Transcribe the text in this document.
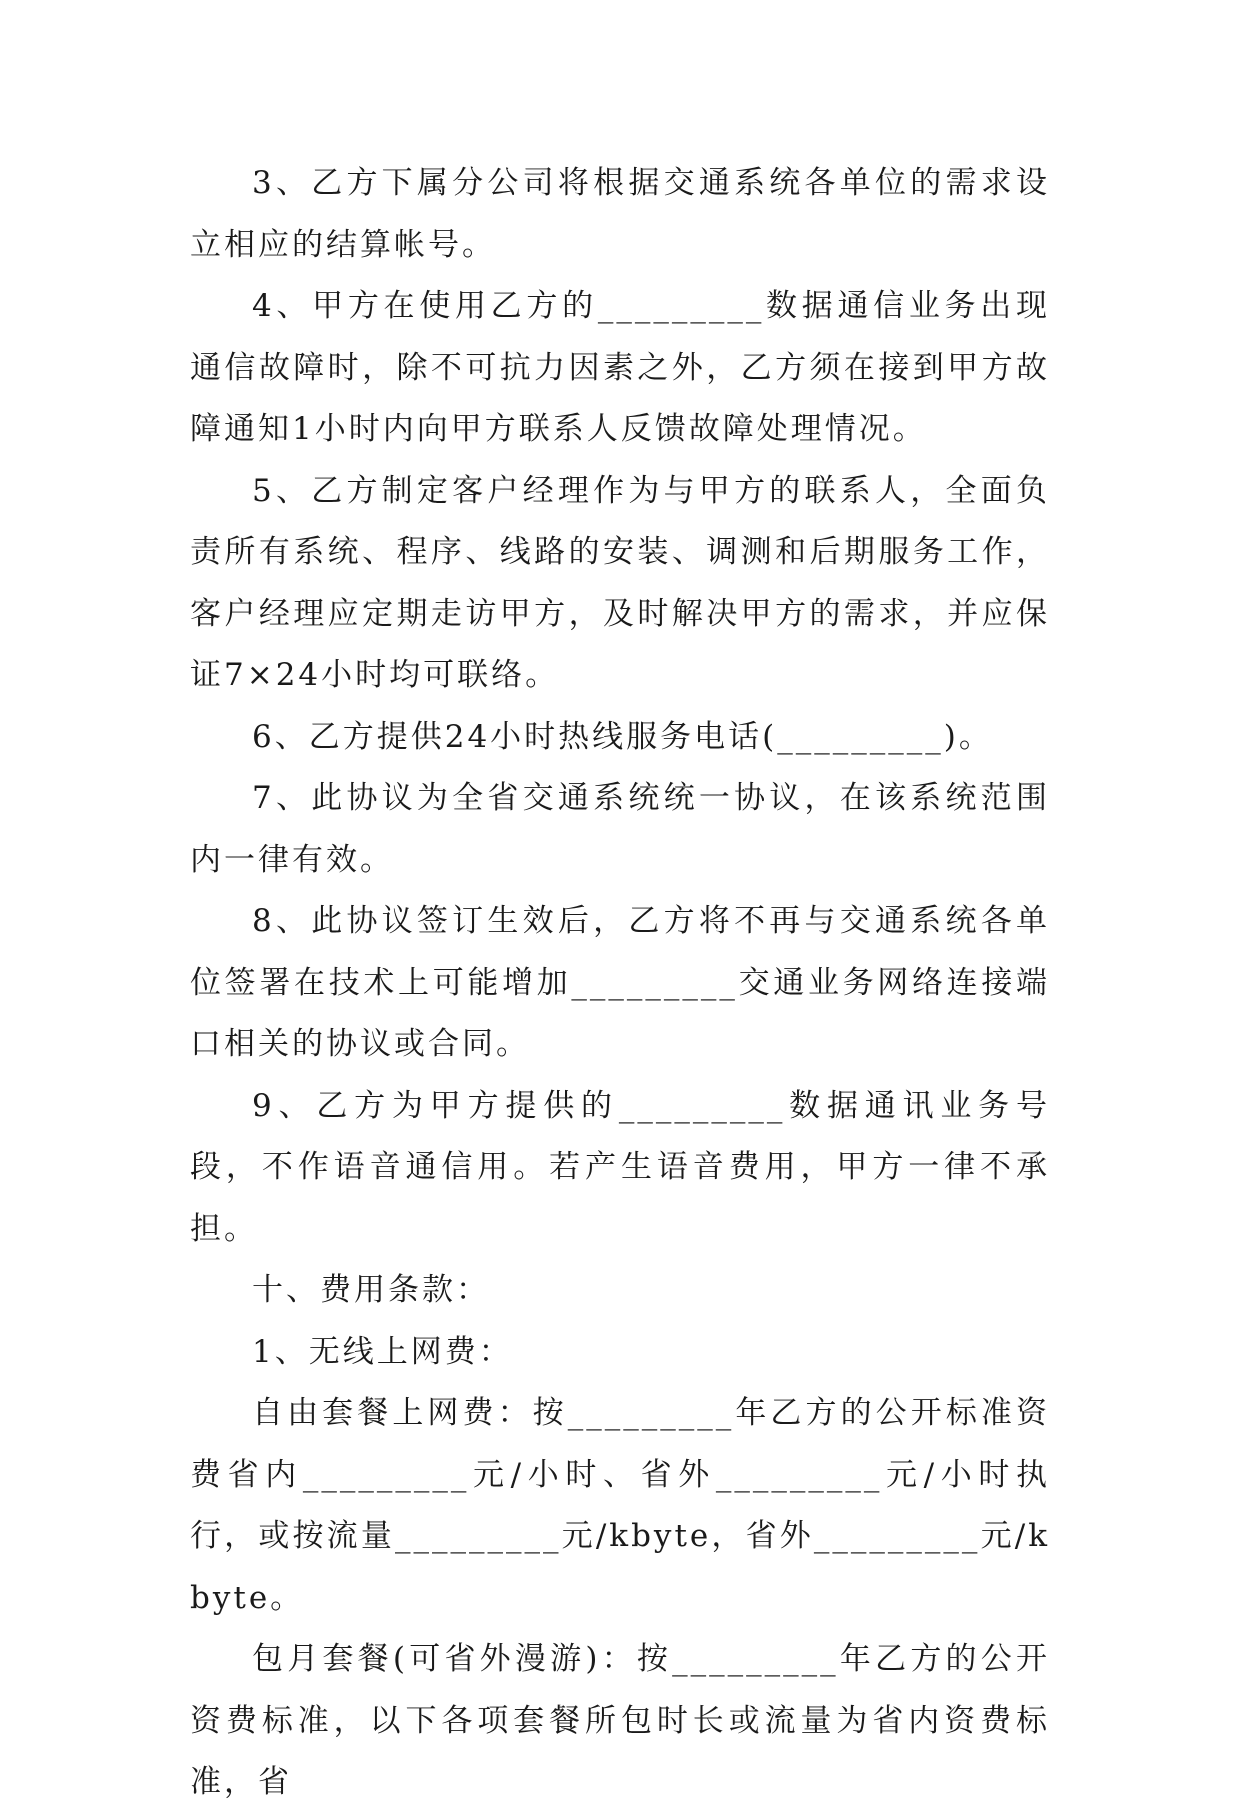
3、乙方下属分公司将根据交通系统各单位的需求设立相应的结算帐号。

4、甲方在使用乙方的_________数据通信业务出现通信故障时，除不可抗力因素之外，乙方须在接到甲方故障通知1小时内向甲方联系人反馈故障处理情况。

5、乙方制定客户经理作为与甲方的联系人，全面负责所有系统、程序、线路的安装、调测和后期服务工作，客户经理应定期走访甲方，及时解决甲方的需求，并应保证7×24小时均可联络。

6、乙方提供24小时热线服务电话(_________)。

7、此协议为全省交通系统统一协议，在该系统范围内一律有效。

8、此协议签订生效后，乙方将不再与交通系统各单位签署在技术上可能增加_________交通业务网络连接端口相关的协议或合同。

9、乙方为甲方提供的_________数据通讯业务号段，不作语音通信用。若产生语音费用，甲方一律不承担。

十、费用条款：

1、无线上网费：

自由套餐上网费：按_________年乙方的公开标准资费省内_________元/小时、省外_________元/小时执行，或按流量_________元/kbyte，省外_________元/kbyte。

包月套餐(可省外漫游)：按_________年乙方的公开资费标准，以下各项套餐所包时长或流量为省内资费标准，省
